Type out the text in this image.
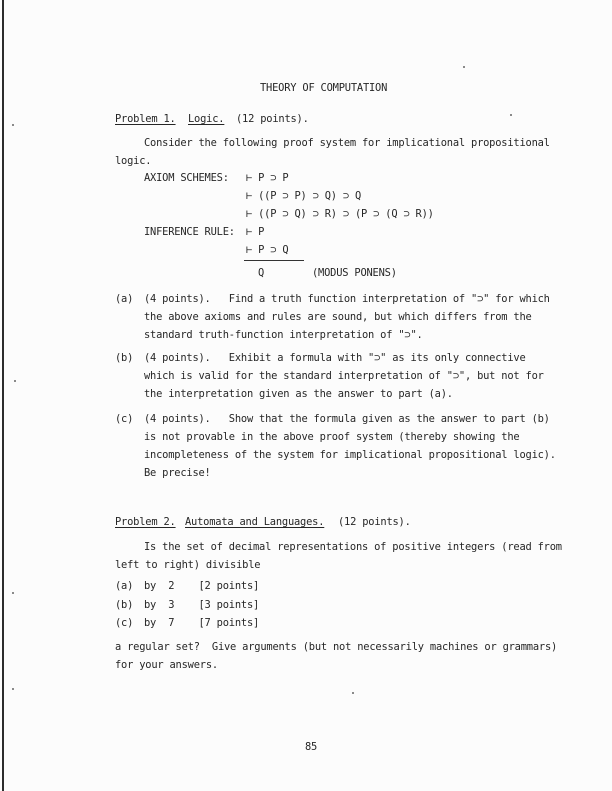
THEORY OF COMPUTATION
Problem 1. Logic. (12 points).
Consider the following proof system for implicational propositional
logic.
AXIOM SCHEMES: ⊢ P ⊃ P
⊢ ((P ⊃ P) ⊃ Q) ⊃ Q
⊢ ((P ⊃ Q) ⊃ R) ⊃ (P ⊃ (Q ⊃ R))
INFERENCE RULE: ⊢ P
⊢ P ⊃ Q
Q	(MODUS PONENS)
(a) (4 points).   Find a truth function interpretation of "⊃" for which
the above axioms and rules are sound, but which differs from the
standard truth-function interpretation of "⊃".
(b) (4 points).   Exhibit a formula with "⊃" as its only connective
which is valid for the standard interpretation of "⊃", but not for
the interpretation given as the answer to part (a).
(c) (4 points).   Show that the formula given as the answer to part (b)
is not provable in the above proof system (thereby showing the
incompleteness of the system for implicational propositional logic).
Be precise!
Problem 2. Automata and Languages. (12 points).
Is the set of decimal representations of positive integers (read from
left to right) divisible
(a) by  2    [2 points]
(b) by  3    [3 points]
(c) by  7    [7 points]
a regular set?  Give arguments (but not necessarily machines or grammars)
for your answers.
85
